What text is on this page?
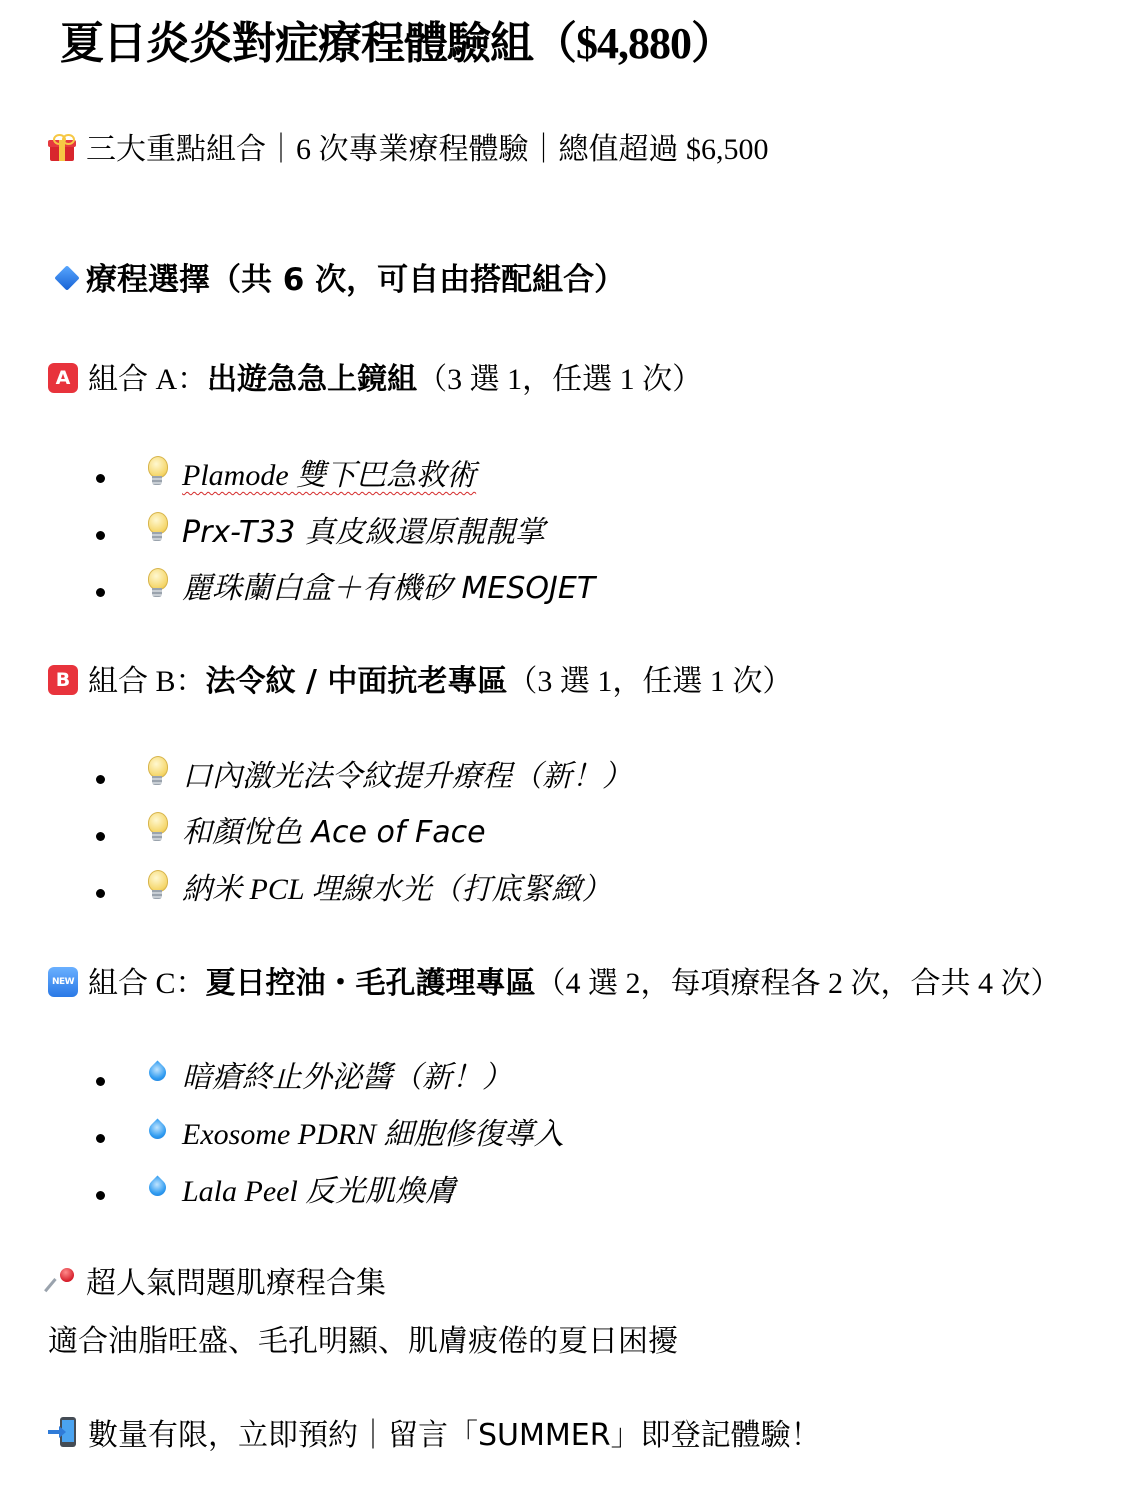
夏日炎炎對症療程體驗組（$4,880）
三大重點組合｜6 次專業療程體驗｜總值超過 $6,500
療程選擇（共 6 次，可自由搭配組合）
A 組合 A：出遊急急上鏡組（3 選 1，任選 1 次）
Plamode 雙下巴急救術
Prx-T33 真皮級還原靚靚掌
麗珠蘭白盒＋有機矽 MESOJET
B 組合 B：法令紋 / 中面抗老專區（3 選 1，任選 1 次）
口內激光法令紋提升療程（新！）
和顏悅色 Ace of Face
納米 PCL 埋線水光（打底緊緻）
NEW 組合 C：夏日控油・毛孔護理專區（4 選 2，每項療程各 2 次，合共 4 次）
暗瘡終止外泌醬（新！）
Exosome PDRN 細胞修復導入
Lala Peel 反光肌煥膚
超人氣問題肌療程合集
適合油脂旺盛、毛孔明顯、肌膚疲倦的夏日困擾
數量有限，立即預約｜留言「SUMMER」即登記體驗！
